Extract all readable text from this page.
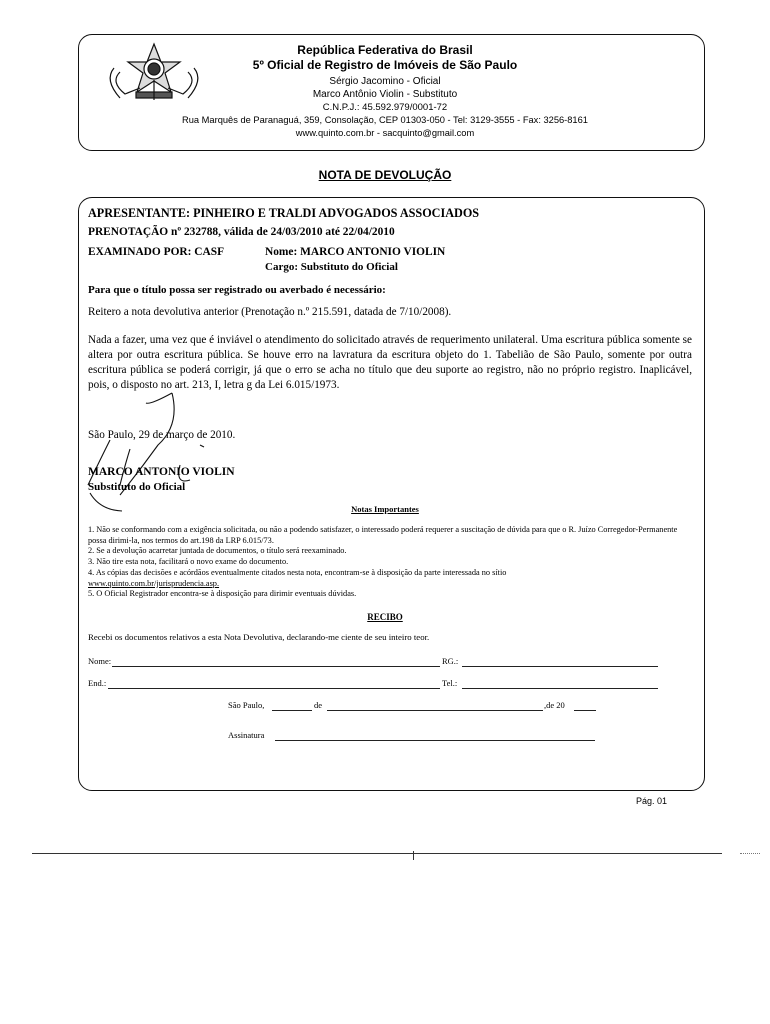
República Federativa do Brasil
5º Oficial de Registro de Imóveis de São Paulo
Sérgio Jacomino - Oficial
Marco Antônio Violin - Substituto
C.N.P.J.: 45.592.979/0001-72
Rua Marquês de Paranaguá, 359, Consolação, CEP 01303-050 - Tel: 3129-3555 - Fax: 3256-8161
www.quinto.com.br - sacquinto@gmail.com
NOTA DE DEVOLUÇÃO
APRESENTANTE: PINHEIRO E TRALDI ADVOGADOS ASSOCIADOS
PRENOTAÇÃO nº 232788, válida de 24/03/2010 até 22/04/2010
EXAMINADO POR: CASF	Nome: MARCO ANTONIO VIOLIN
Cargo: Substituto do Oficial
Para que o título possa ser registrado ou averbado é necessário:
Reitero a nota devolutiva anterior (Prenotação n.º 215.591, datada de 7/10/2008).
Nada a fazer, uma vez que é inviável o atendimento do solicitado através de requerimento unilateral. Uma escritura pública somente se altera por outra escritura pública. Se houve erro na lavratura da escritura objeto do 1. Tabelião de São Paulo, somente por outra escritura pública se poderá corrigir, já que o erro se acha no título que deu suporte ao registro, não no próprio registro. Inaplicável, pois, o disposto no art. 213, I, letra g da Lei 6.015/1973.
São Paulo, 29 de março de 2010.
MARCO ANTONIO VIOLIN
Substituto do Oficial
Notas Importantes
1. Não se conformando com a exigência solicitada, ou não a podendo satisfazer, o interessado poderá requerer a suscitação de dúvida para que o R. Juízo Corregedor-Permanente possa dirimi-la, nos termos do art.198 da LRP 6.015/73.
2. Se a devolução acarretar juntada de documentos, o título será reexaminado.
3. Não tire esta nota, facilitará o novo exame do documento.
4. As cópias das decisões e acórdãos eventualmente citados nesta nota, encontram-se à disposição da parte interessada no sítio
www.quinto.com.br/jurisprudencia.asp.
5. O Oficial Registrador encontra-se à disposição para dirimir eventuais dúvidas.
RECIBO
Recebi os documentos relativos a esta Nota Devolutiva, declarando-me ciente de seu inteiro teor.
Nome:	RG.:
End.:	Tel.:
São Paulo,	de	,de 20
Assinatura
Pág. 01
